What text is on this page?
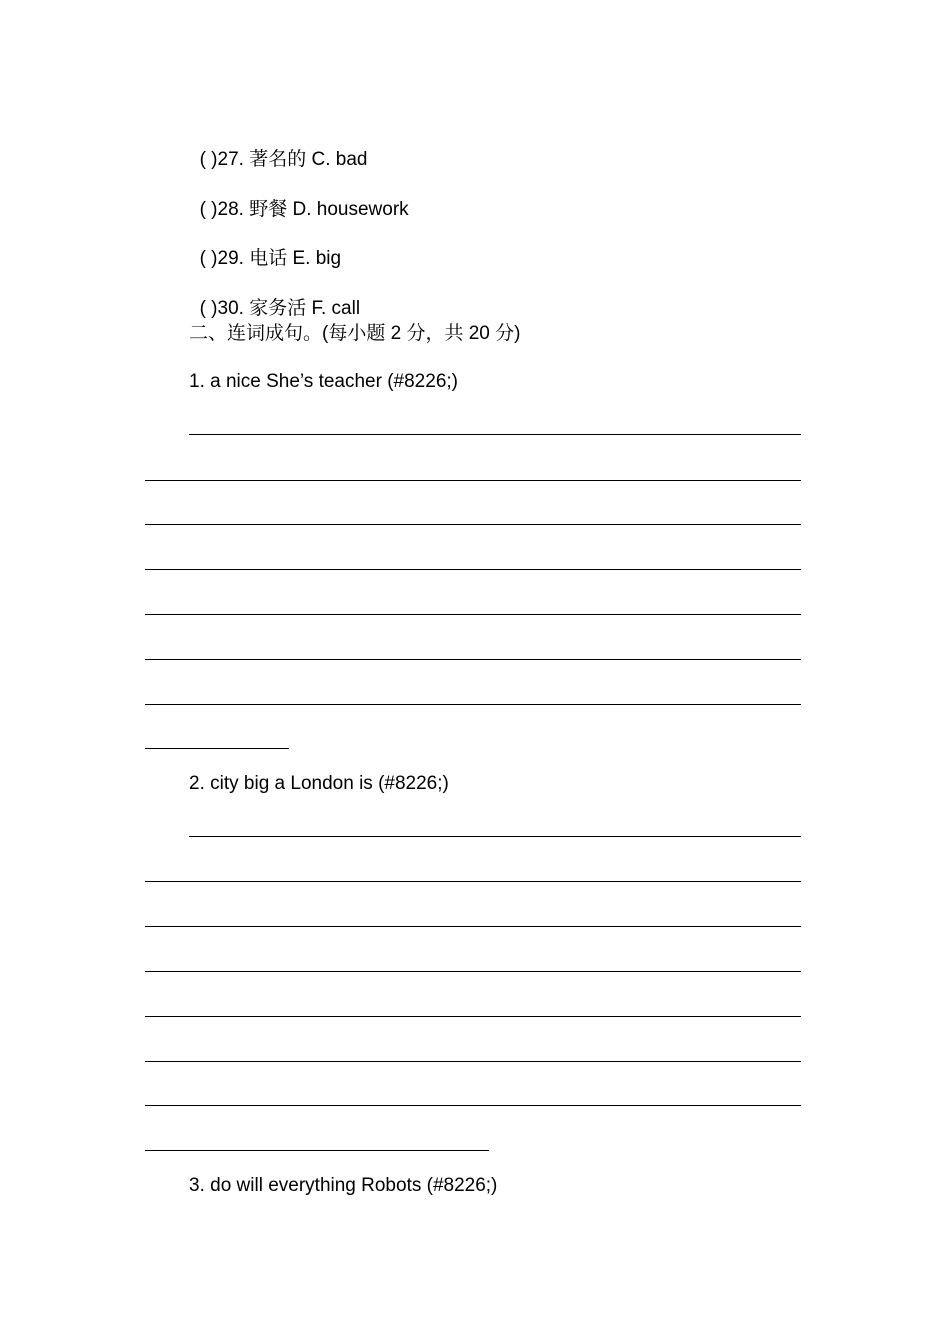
( )27. 著名的 C. bad

( )28. 野餐 D. housework

( )29. 电话 E. big

( )30. 家务活 F. call

二、连词成句。(每小题 2 分，共 20 分)
1. a nice She’s teacher (#8226;)
2. city big a London is (#8226;)
3. do will everything Robots (#8226;)
